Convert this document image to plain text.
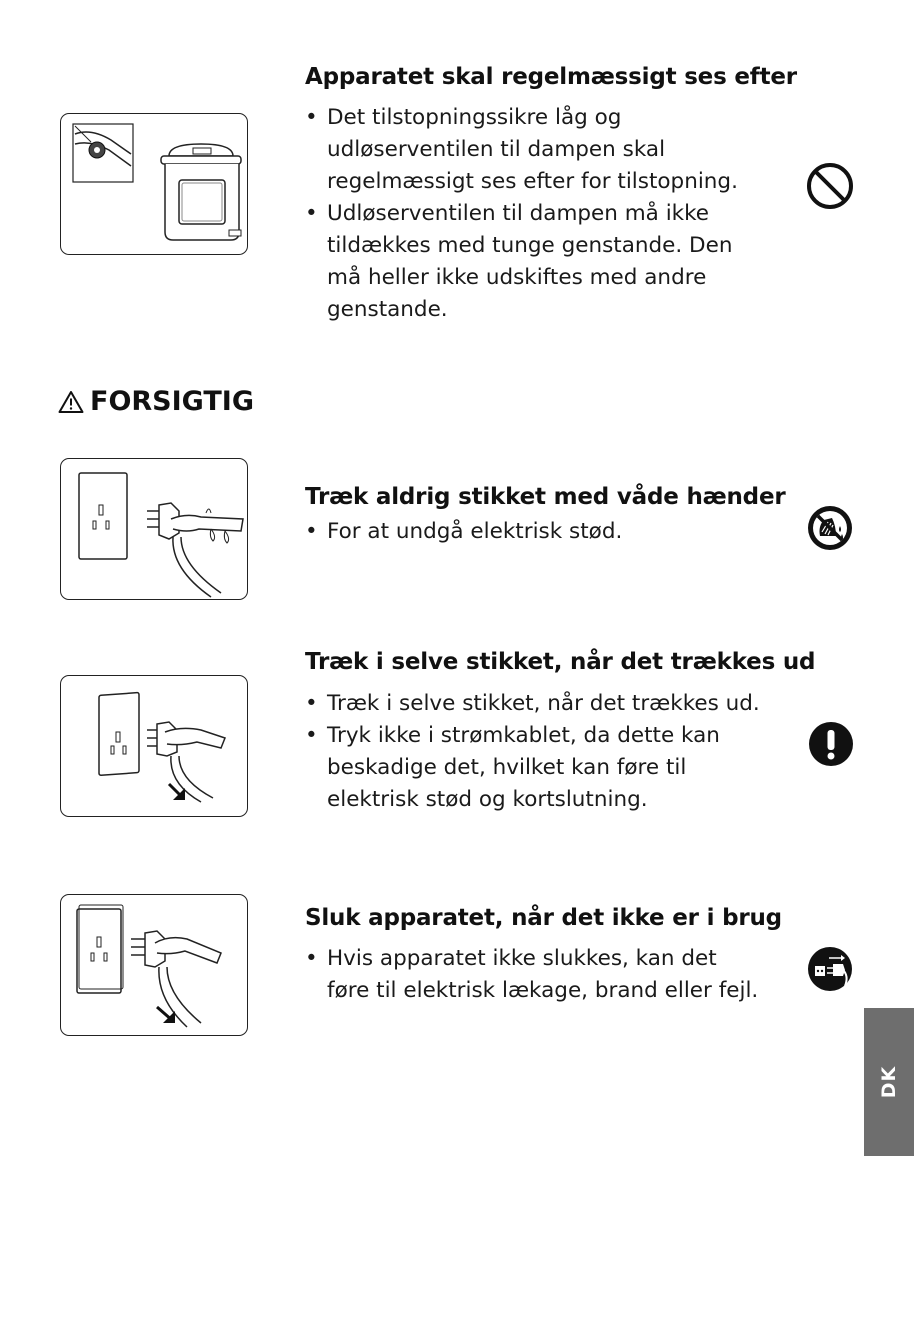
Apparatet skal regelmæssigt ses efter
• Det tilstopningssikre låg og udløserventilen til dampen skal regelmæssigt ses efter for tilstopning.
• Udløserventilen til dampen må ikke tildækkes med tunge genstande. Den må heller ikke udskiftes med andre genstande.
FORSIGTIG
Træk aldrig stikket med våde hænder
• For at undgå elektrisk stød.
Træk i selve stikket, når det trækkes ud
• Træk i selve stikket, når det trækkes ud.
• Tryk ikke i strømkablet, da dette kan beskadige det, hvilket kan føre til elektrisk stød og kortslutning.
Sluk apparatet, når det ikke er i brug
• Hvis apparatet ikke slukkes, kan det føre til elektrisk lækage, brand eller fejl.
DK
